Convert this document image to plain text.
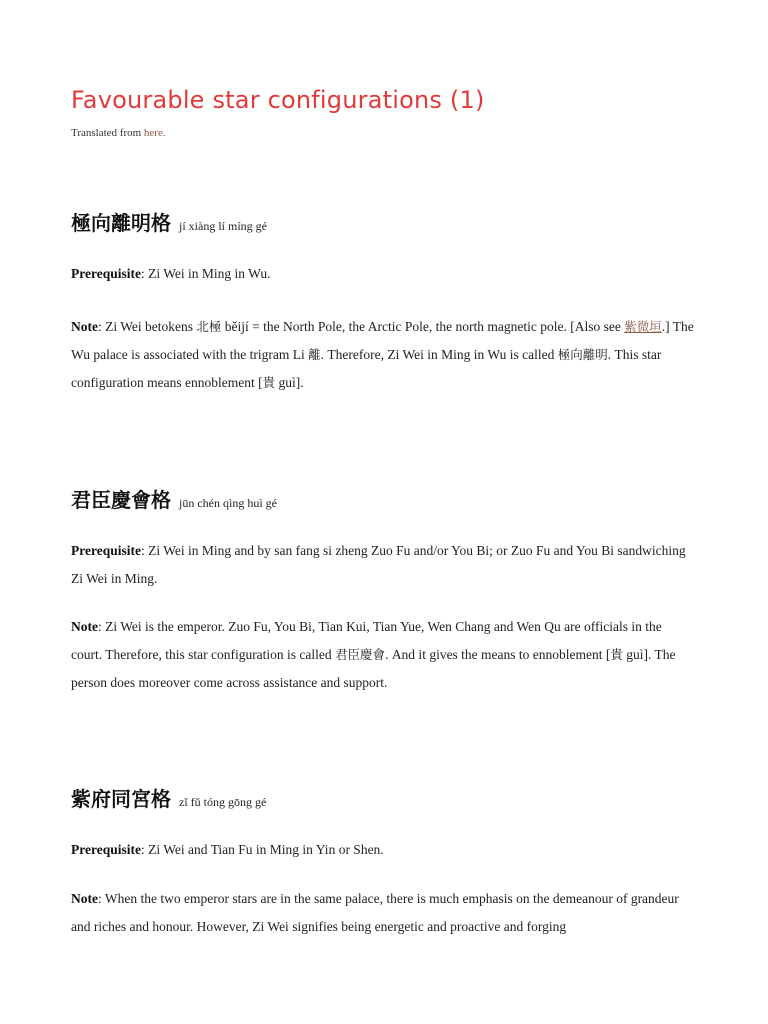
Favourable star configurations (1)
Translated from here.
極向離明格 jí xiàng lí míng gé

Prerequisite: Zi Wei in Ming in Wu.

Note: Zi Wei betokens 北極 běijí = the North Pole, the Arctic Pole, the north magnetic pole. [Also see 紫微垣.] The Wu palace is associated with the trigram Li 離. Therefore, Zi Wei in Ming in Wu is called 極向離明. This star configuration means ennoblement [貴 guì].

君臣慶會格 jūn chén qìng huì gé

Prerequisite: Zi Wei in Ming and by san fang si zheng Zuo Fu and/or You Bi; or Zuo Fu and You Bi sandwiching Zi Wei in Ming.

Note: Zi Wei is the emperor. Zuo Fu, You Bi, Tian Kui, Tian Yue, Wen Chang and Wen Qu are officials in the court. Therefore, this star configuration is called 君臣慶會. And it gives the means to ennoblement [貴 guì]. The person does moreover come across assistance and support.

紫府同宮格 zǐ fǔ tóng gōng gé

Prerequisite: Zi Wei and Tian Fu in Ming in Yin or Shen.

Note: When the two emperor stars are in the same palace, there is much emphasis on the demeanour of grandeur and riches and honour. However, Zi Wei signifies being energetic and proactive and forging
